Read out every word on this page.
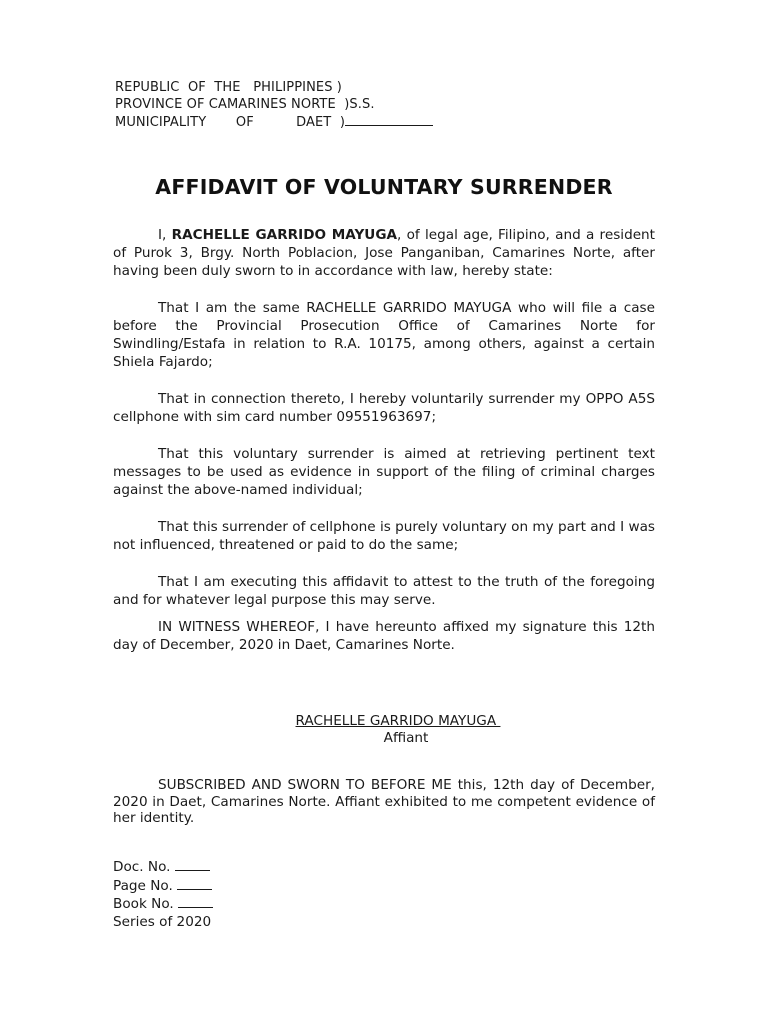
REPUBLIC  OF  THE   PHILIPPINES )
PROVINCE OF CAMARINES NORTE  )S.S.
MUNICIPALITY       OF          DAET  )
AFFIDAVIT OF VOLUNTARY SURRENDER

I, RACHELLE GARRIDO MAYUGA, of legal age, Filipino, and a resident of Purok 3, Brgy. North Poblacion, Jose Panganiban, Camarines Norte, after having been duly sworn to in accordance with law, hereby state:

That I am the same RACHELLE GARRIDO MAYUGA who will file a case before the Provincial Prosecution Office of Camarines Norte for Swindling/Estafa in relation to R.A. 10175, among others, against a certain Shiela Fajardo;

That in connection thereto, I hereby voluntarily surrender my OPPO A5S cellphone with sim card number 09551963697;

That this voluntary surrender is aimed at retrieving pertinent text messages to be used as evidence in support of the filing of criminal charges against the above-named individual;

That this surrender of cellphone is purely voluntary on my part and I was not influenced, threatened or paid to do the same;

That I am executing this affidavit to attest to the truth of the foregoing and for whatever legal purpose this may serve.

IN WITNESS WHEREOF, I have hereunto affixed my signature this 12th day of December, 2020 in Daet, Camarines Norte.

RACHELLE GARRIDO MAYUGA
Affiant

SUBSCRIBED AND SWORN TO BEFORE ME this, 12th day of December, 2020 in Daet, Camarines Norte. Affiant exhibited to me competent evidence of her identity.

Doc. No.
Page No.
Book No.
Series of 2020
